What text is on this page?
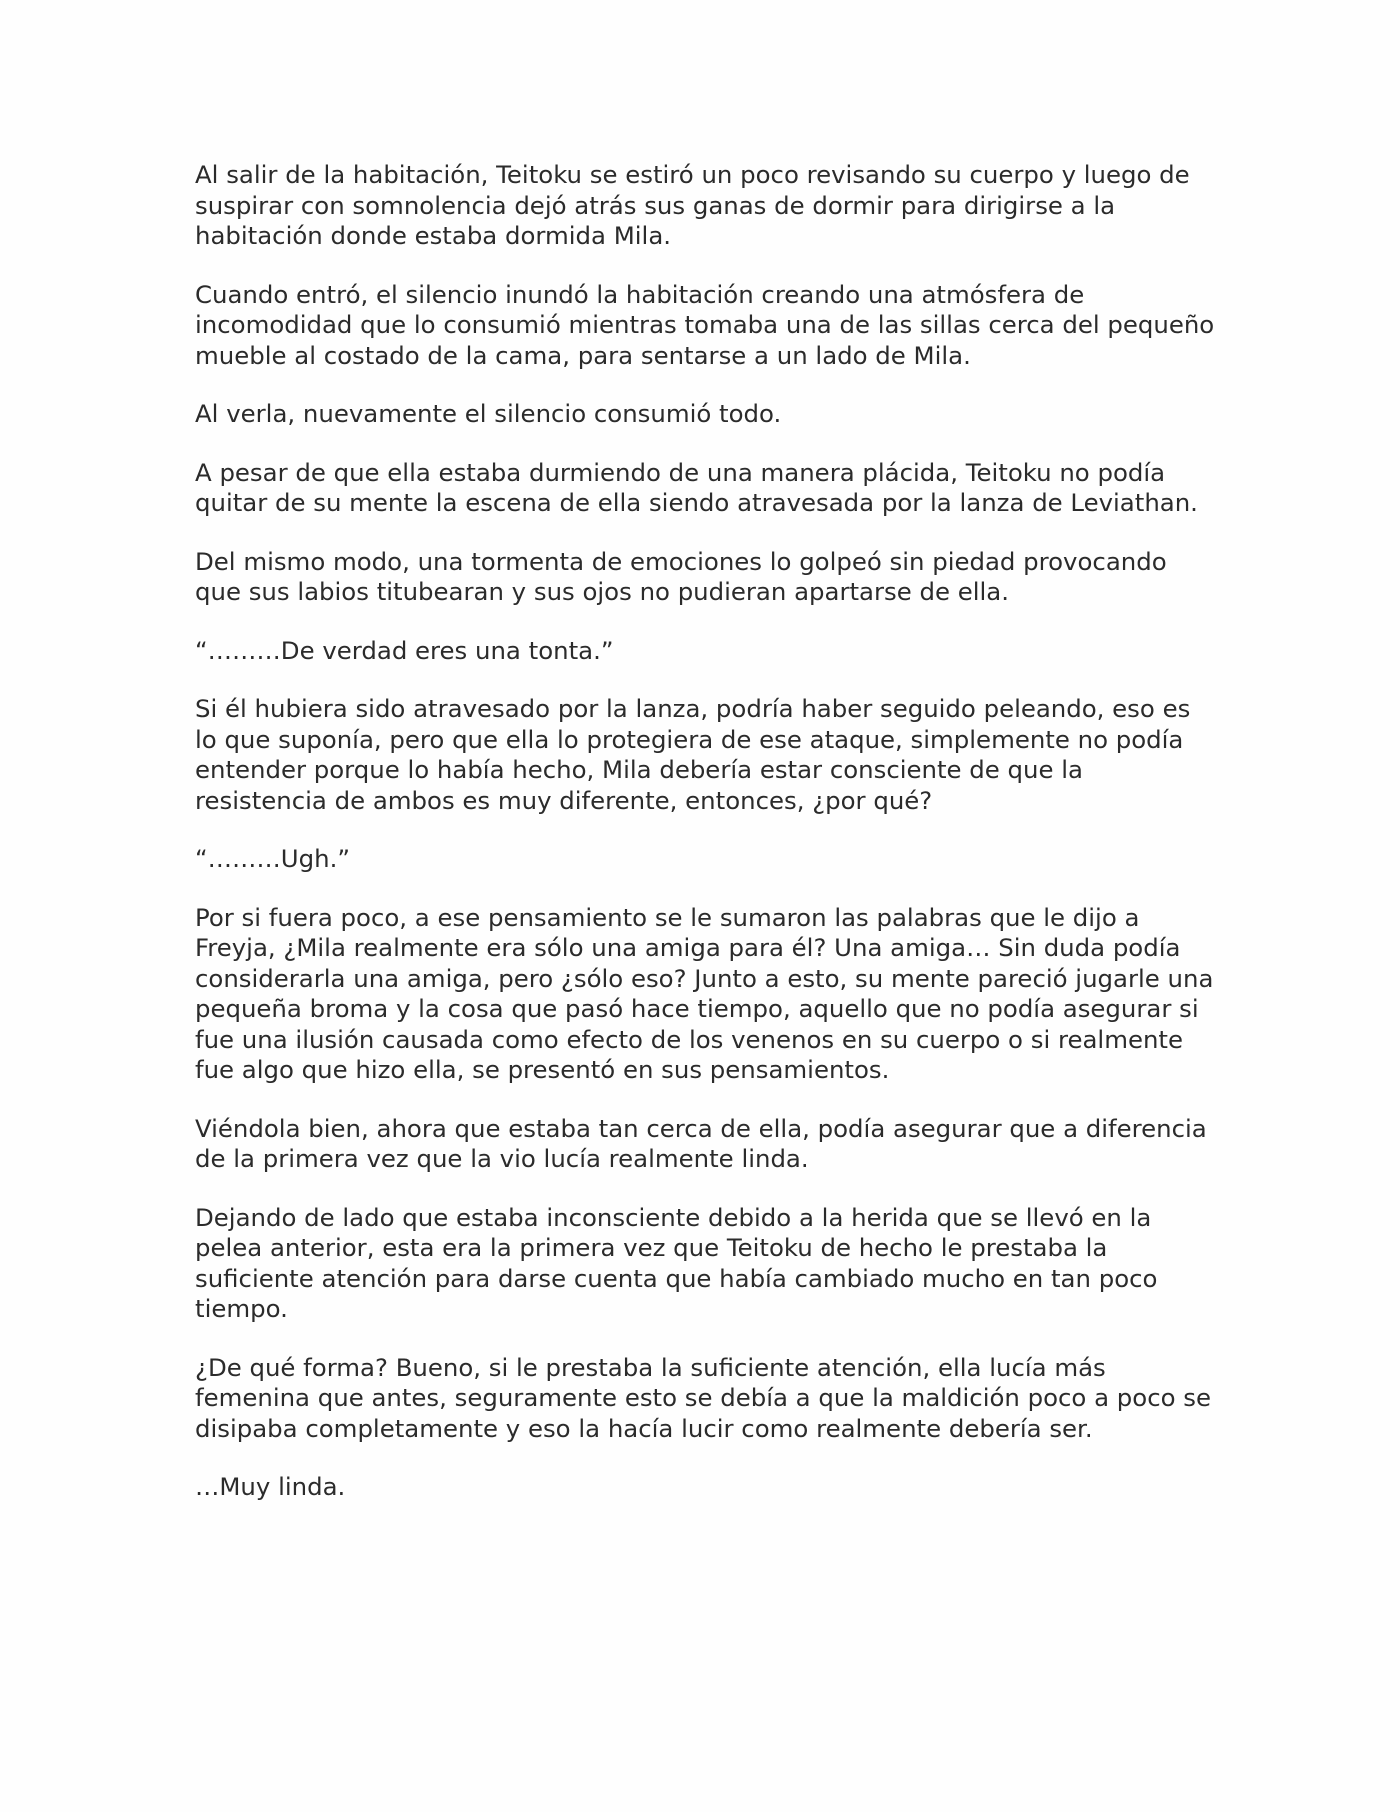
Al salir de la habitación, Teitoku se estiró un poco revisando su cuerpo y luego de suspirar con somnolencia dejó atrás sus ganas de dormir para dirigirse a la habitación donde estaba dormida Mila.

Cuando entró, el silencio inundó la habitación creando una atmósfera de incomodidad que lo consumió mientras tomaba una de las sillas cerca del pequeño mueble al costado de la cama, para sentarse a un lado de Mila.

Al verla, nuevamente el silencio consumió todo.

A pesar de que ella estaba durmiendo de una manera plácida, Teitoku no podía quitar de su mente la escena de ella siendo atravesada por la lanza de Leviathan.

Del mismo modo, una tormenta de emociones lo golpeó sin piedad provocando que sus labios titubearan y sus ojos no pudieran apartarse de ella.

“………De verdad eres una tonta.”

Si él hubiera sido atravesado por la lanza, podría haber seguido peleando, eso es lo que suponía, pero que ella lo protegiera de ese ataque, simplemente no podía entender porque lo había hecho, Mila debería estar consciente de que la resistencia de ambos es muy diferente, entonces, ¿por qué?

“………Ugh.”

Por si fuera poco, a ese pensamiento se le sumaron las palabras que le dijo a Freyja, ¿Mila realmente era sólo una amiga para él? Una amiga… Sin duda podía considerarla una amiga, pero ¿sólo eso? Junto a esto, su mente pareció jugarle una pequeña broma y la cosa que pasó hace tiempo, aquello que no podía asegurar si fue una ilusión causada como efecto de los venenos en su cuerpo o si realmente fue algo que hizo ella, se presentó en sus pensamientos.

Viéndola bien, ahora que estaba tan cerca de ella, podía asegurar que a diferencia de la primera vez que la vio lucía realmente linda.

Dejando de lado que estaba inconsciente debido a la herida que se llevó en la pelea anterior, esta era la primera vez que Teitoku de hecho le prestaba la suficiente atención para darse cuenta que había cambiado mucho en tan poco tiempo.

¿De qué forma? Bueno, si le prestaba la suficiente atención, ella lucía más femenina que antes, seguramente esto se debía a que la maldición poco a poco se disipaba completamente y eso la hacía lucir como realmente debería ser.

…Muy linda.
